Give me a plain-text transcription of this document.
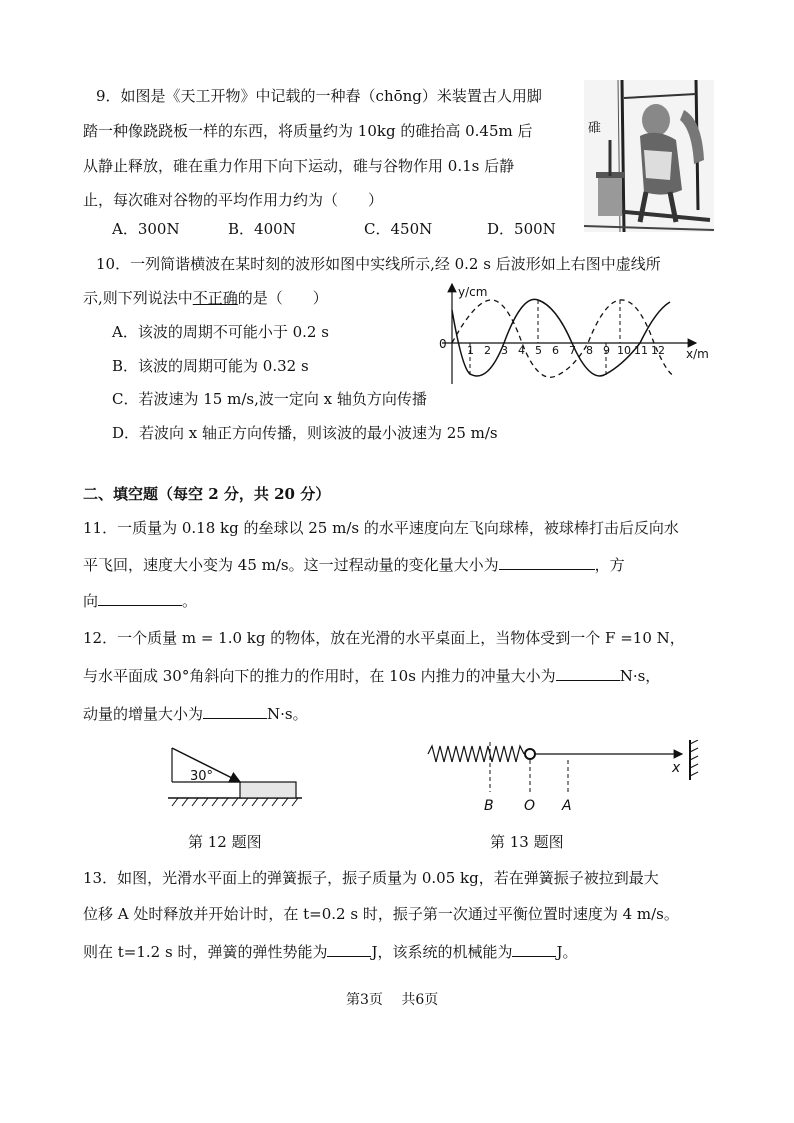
9．如图是《天工开物》中记载的一种舂（chōng）米装置古人用脚
踏一种像跷跷板一样的东西，将质量约为 10kg 的碓抬高 0.45m 后
从静止释放，碓在重力作用下向下运动，碓与谷物作用 0.1s 后静
止，每次碓对谷物的平均作用力约为（　　）
A．300N	B．400N	C．450N	D．500N
碓
10．一列简谐横波在某时刻的波形如图中实线所示,经 0.2 s 后波形如上右图中虚线所
示,则下列说法中不正确的是（　　）
A．该波的周期不可能小于 0.2 s
B．该波的周期可能为 0.32 s
C．若波速为 15 m/s,波一定向 x 轴负方向传播
D．若波向 x 轴正方向传播，则该波的最小波速为 25 m/s
y/cm
x/m
0 1 2 3 4 5 6 7 8 9 10 11 12
二、填空题（每空 2 分，共 20 分）
11．一质量为 0.18 kg 的垒球以 25 m/s 的水平速度向左飞向球棒，被球棒打击后反向水
平飞回，速度大小变为 45 m/s。这一过程动量的变化量大小为	，方
向	。
12．一个质量 m = 1.0 kg 的物体，放在光滑的水平桌面上，当物体受到一个 F =10 N，
与水平面成 30°角斜向下的推力的作用时，在 10s 内推力的冲量大小为	N·s，
动量的增量大小为	N·s。
30°
第 12 题图
B O A
x
第 13 题图
13．如图，光滑水平面上的弹簧振子，振子质量为 0.05 kg，若在弹簧振子被拉到最大
位移 A 处时释放并开始计时，在 t=0.2 s 时，振子第一次通过平衡位置时速度为 4 m/s。
则在 t=1.2 s 时，弹簧的弹性势能为	J，该系统的机械能为	J。
第3页　 共6页
